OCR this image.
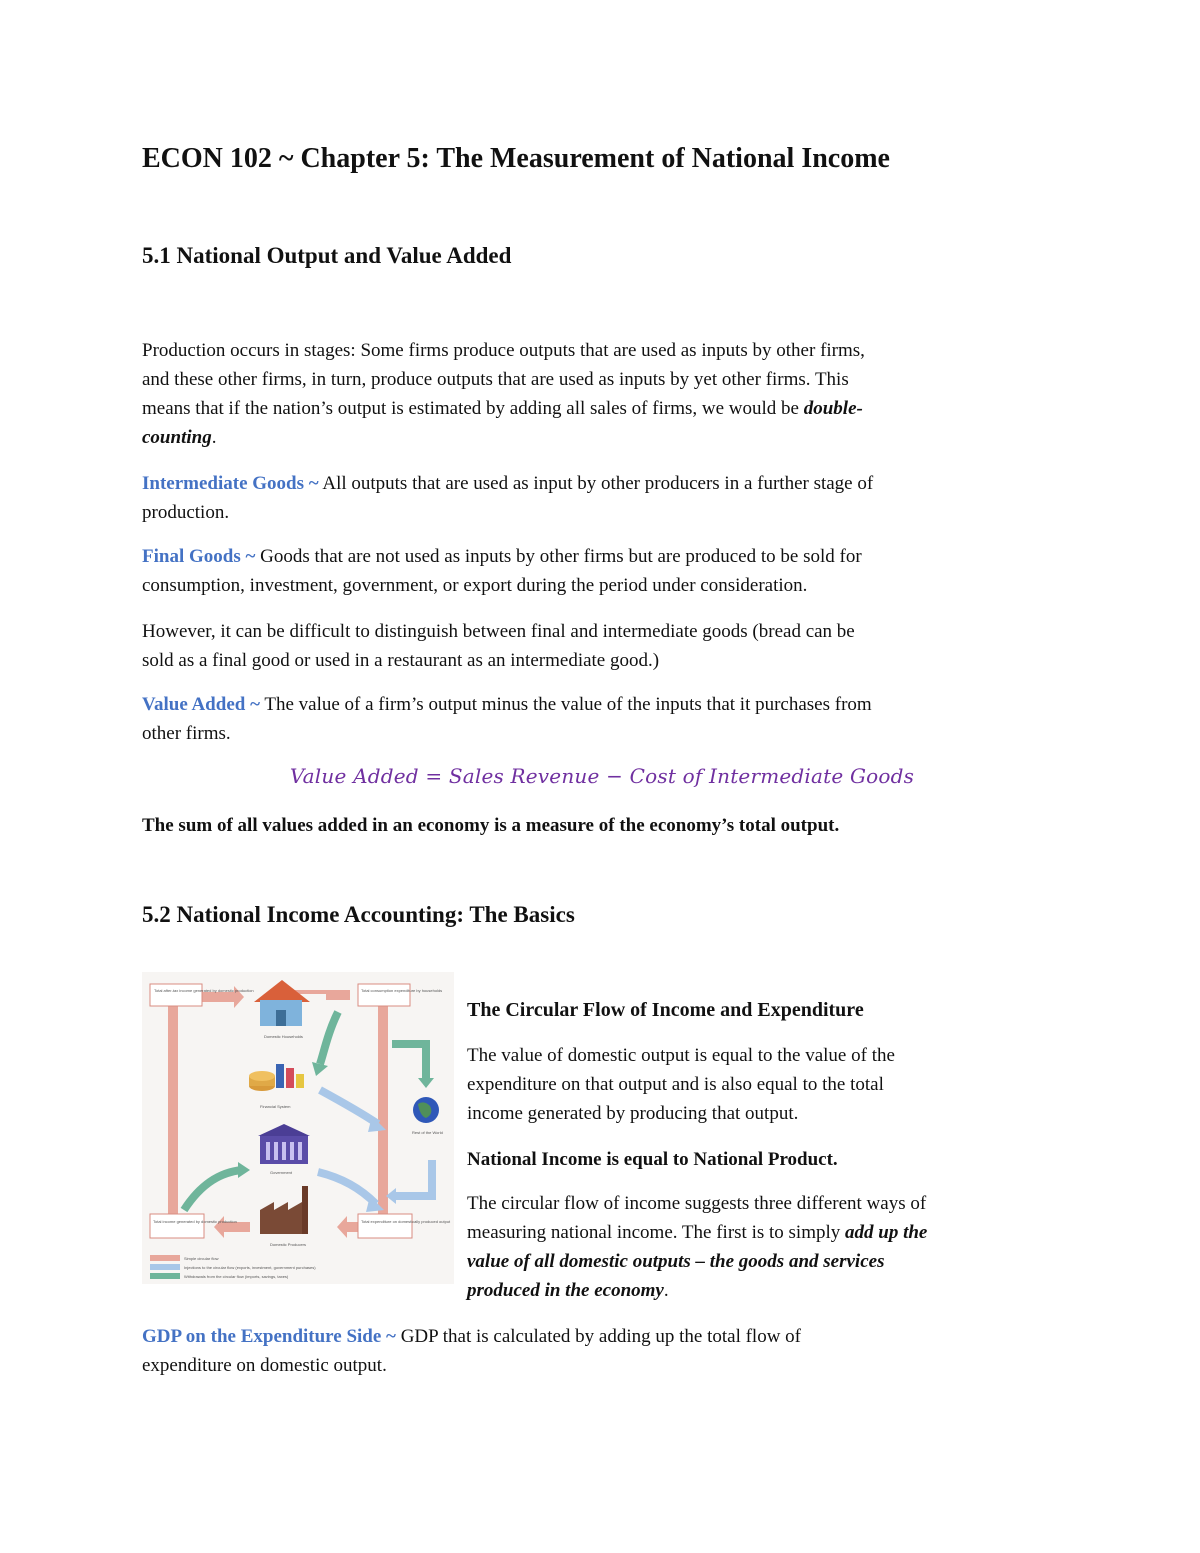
ECON 102 ~ Chapter 5: The Measurement of National Income
5.1 National Output and Value Added

Production occurs in stages: Some firms produce outputs that are used as inputs by other firms,

and these other firms, in turn, produce outputs that are used as inputs by yet other firms. This

means that if the nation’s output is estimated by adding all sales of firms, we would be double-

counting.

Intermediate Goods ~ All outputs that are used as input by other producers in a further stage of

production.

Final Goods ~ Goods that are not used as inputs by other firms but are produced to be sold for

consumption, investment, government, or export during the period under consideration.

However, it can be difficult to distinguish between final and intermediate goods (bread can be

sold as a final good or used in a restaurant as an intermediate good.)

Value Added ~ The value of a firm’s output minus the value of the inputs that it purchases from

other firms.

Value Added = Sales Revenue − Cost of Intermediate Goods

The sum of all values added in an economy is a measure of the economy’s total output.

5.2 National Income Accounting: The Basics
Total after-tax income generated by domestic production	Total consumption expenditure by households
Total income generated by domestic production	Total expenditure on domestically produced output
Domestic Households
Financial System
Rest of the World
Government
Domestic Producers
Simple circular flow
Injections to the circular flow (exports, investment, government purchases)
Withdrawals from the circular flow (imports, savings, taxes)

The Circular Flow of Income and Expenditure

The value of domestic output is equal to the value of the

expenditure on that output and is also equal to the total

income generated by producing that output.

National Income is equal to National Product.

The circular flow of income suggests three different ways of

measuring national income. The first is to simply add up the

value of all domestic outputs – the goods and services

produced in the economy.

GDP on the Expenditure Side ~ GDP that is calculated by adding up the total flow of

expenditure on domestic output.
